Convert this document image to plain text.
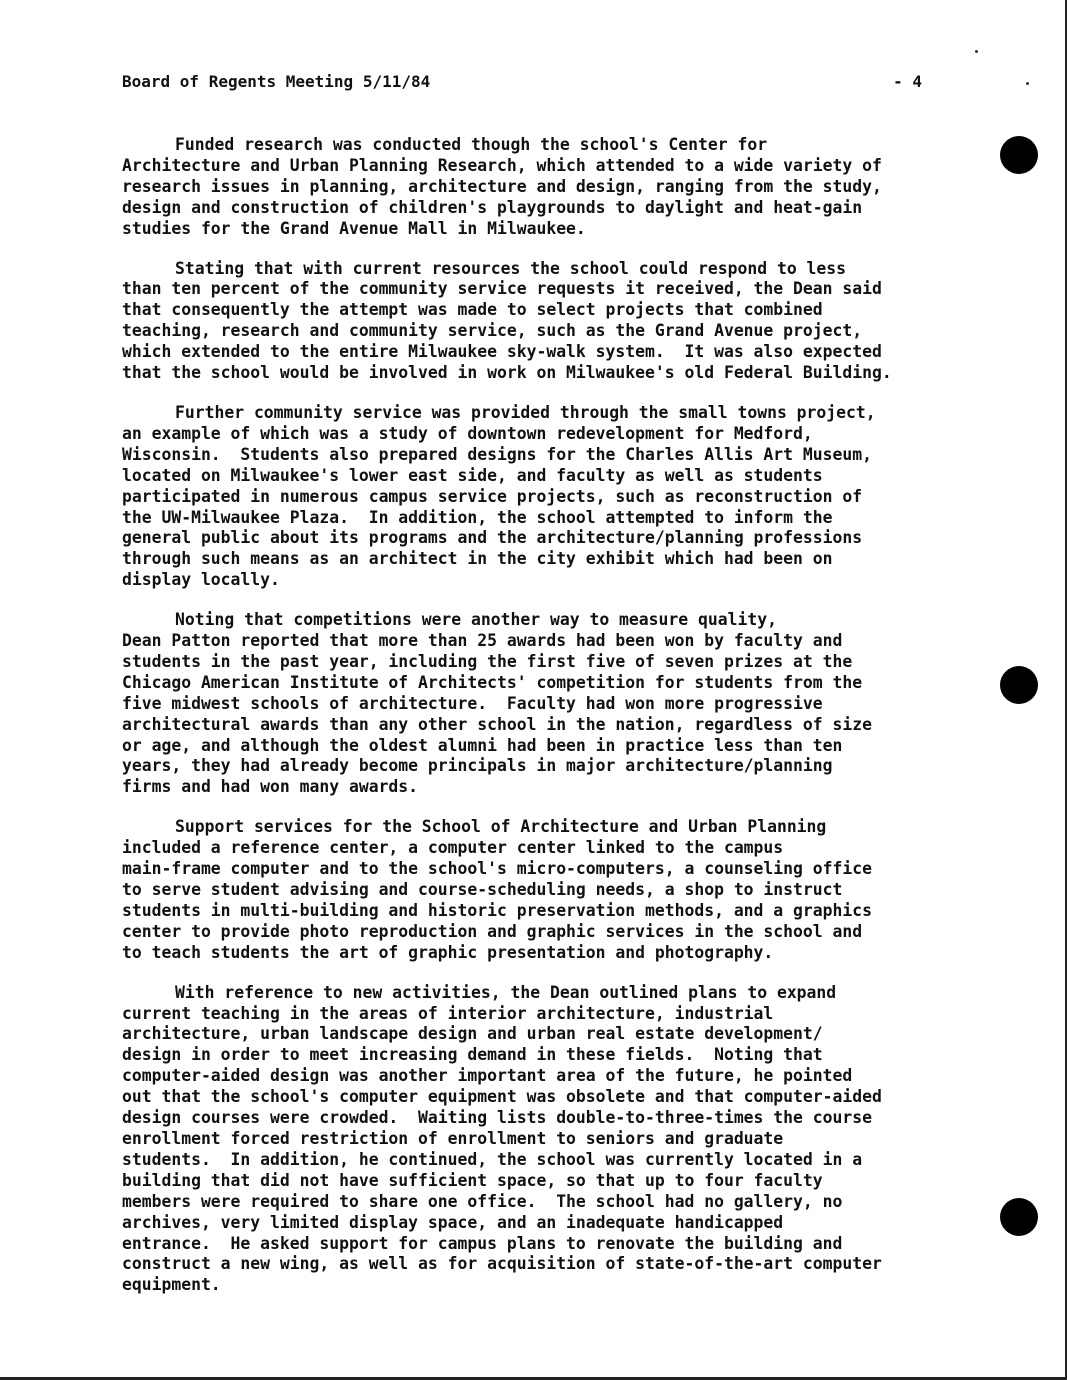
Board of Regents Meeting 5/11/84	- 4

Funded research was conducted though the school's Center for
Architecture and Urban Planning Research, which attended to a wide variety of
research issues in planning, architecture and design, ranging from the study,
design and construction of children's playgrounds to daylight and heat-gain
studies for the Grand Avenue Mall in Milwaukee.

Stating that with current resources the school could respond to less
than ten percent of the community service requests it received, the Dean said
that consequently the attempt was made to select projects that combined
teaching, research and community service, such as the Grand Avenue project,
which extended to the entire Milwaukee sky-walk system.  It was also expected
that the school would be involved in work on Milwaukee's old Federal Building.

Further community service was provided through the small towns project,
an example of which was a study of downtown redevelopment for Medford,
Wisconsin.  Students also prepared designs for the Charles Allis Art Museum,
located on Milwaukee's lower east side, and faculty as well as students
participated in numerous campus service projects, such as reconstruction of
the UW-Milwaukee Plaza.  In addition, the school attempted to inform the
general public about its programs and the architecture/planning professions
through such means as an architect in the city exhibit which had been on
display locally.

Noting that competitions were another way to measure quality,
Dean Patton reported that more than 25 awards had been won by faculty and
students in the past year, including the first five of seven prizes at the
Chicago American Institute of Architects' competition for students from the
five midwest schools of architecture.  Faculty had won more progressive
architectural awards than any other school in the nation, regardless of size
or age, and although the oldest alumni had been in practice less than ten
years, they had already become principals in major architecture/planning
firms and had won many awards.

Support services for the School of Architecture and Urban Planning
included a reference center, a computer center linked to the campus
main-frame computer and to the school's micro-computers, a counseling office
to serve student advising and course-scheduling needs, a shop to instruct
students in multi-building and historic preservation methods, and a graphics
center to provide photo reproduction and graphic services in the school and
to teach students the art of graphic presentation and photography.

With reference to new activities, the Dean outlined plans to expand
current teaching in the areas of interior architecture, industrial
architecture, urban landscape design and urban real estate development/
design in order to meet increasing demand in these fields.  Noting that
computer-aided design was another important area of the future, he pointed
out that the school's computer equipment was obsolete and that computer-aided
design courses were crowded.  Waiting lists double-to-three-times the course
enrollment forced restriction of enrollment to seniors and graduate
students.  In addition, he continued, the school was currently located in a
building that did not have sufficient space, so that up to four faculty
members were required to share one office.  The school had no gallery, no
archives, very limited display space, and an inadequate handicapped
entrance.  He asked support for campus plans to renovate the building and
construct a new wing, as well as for acquisition of state-of-the-art computer
equipment.
